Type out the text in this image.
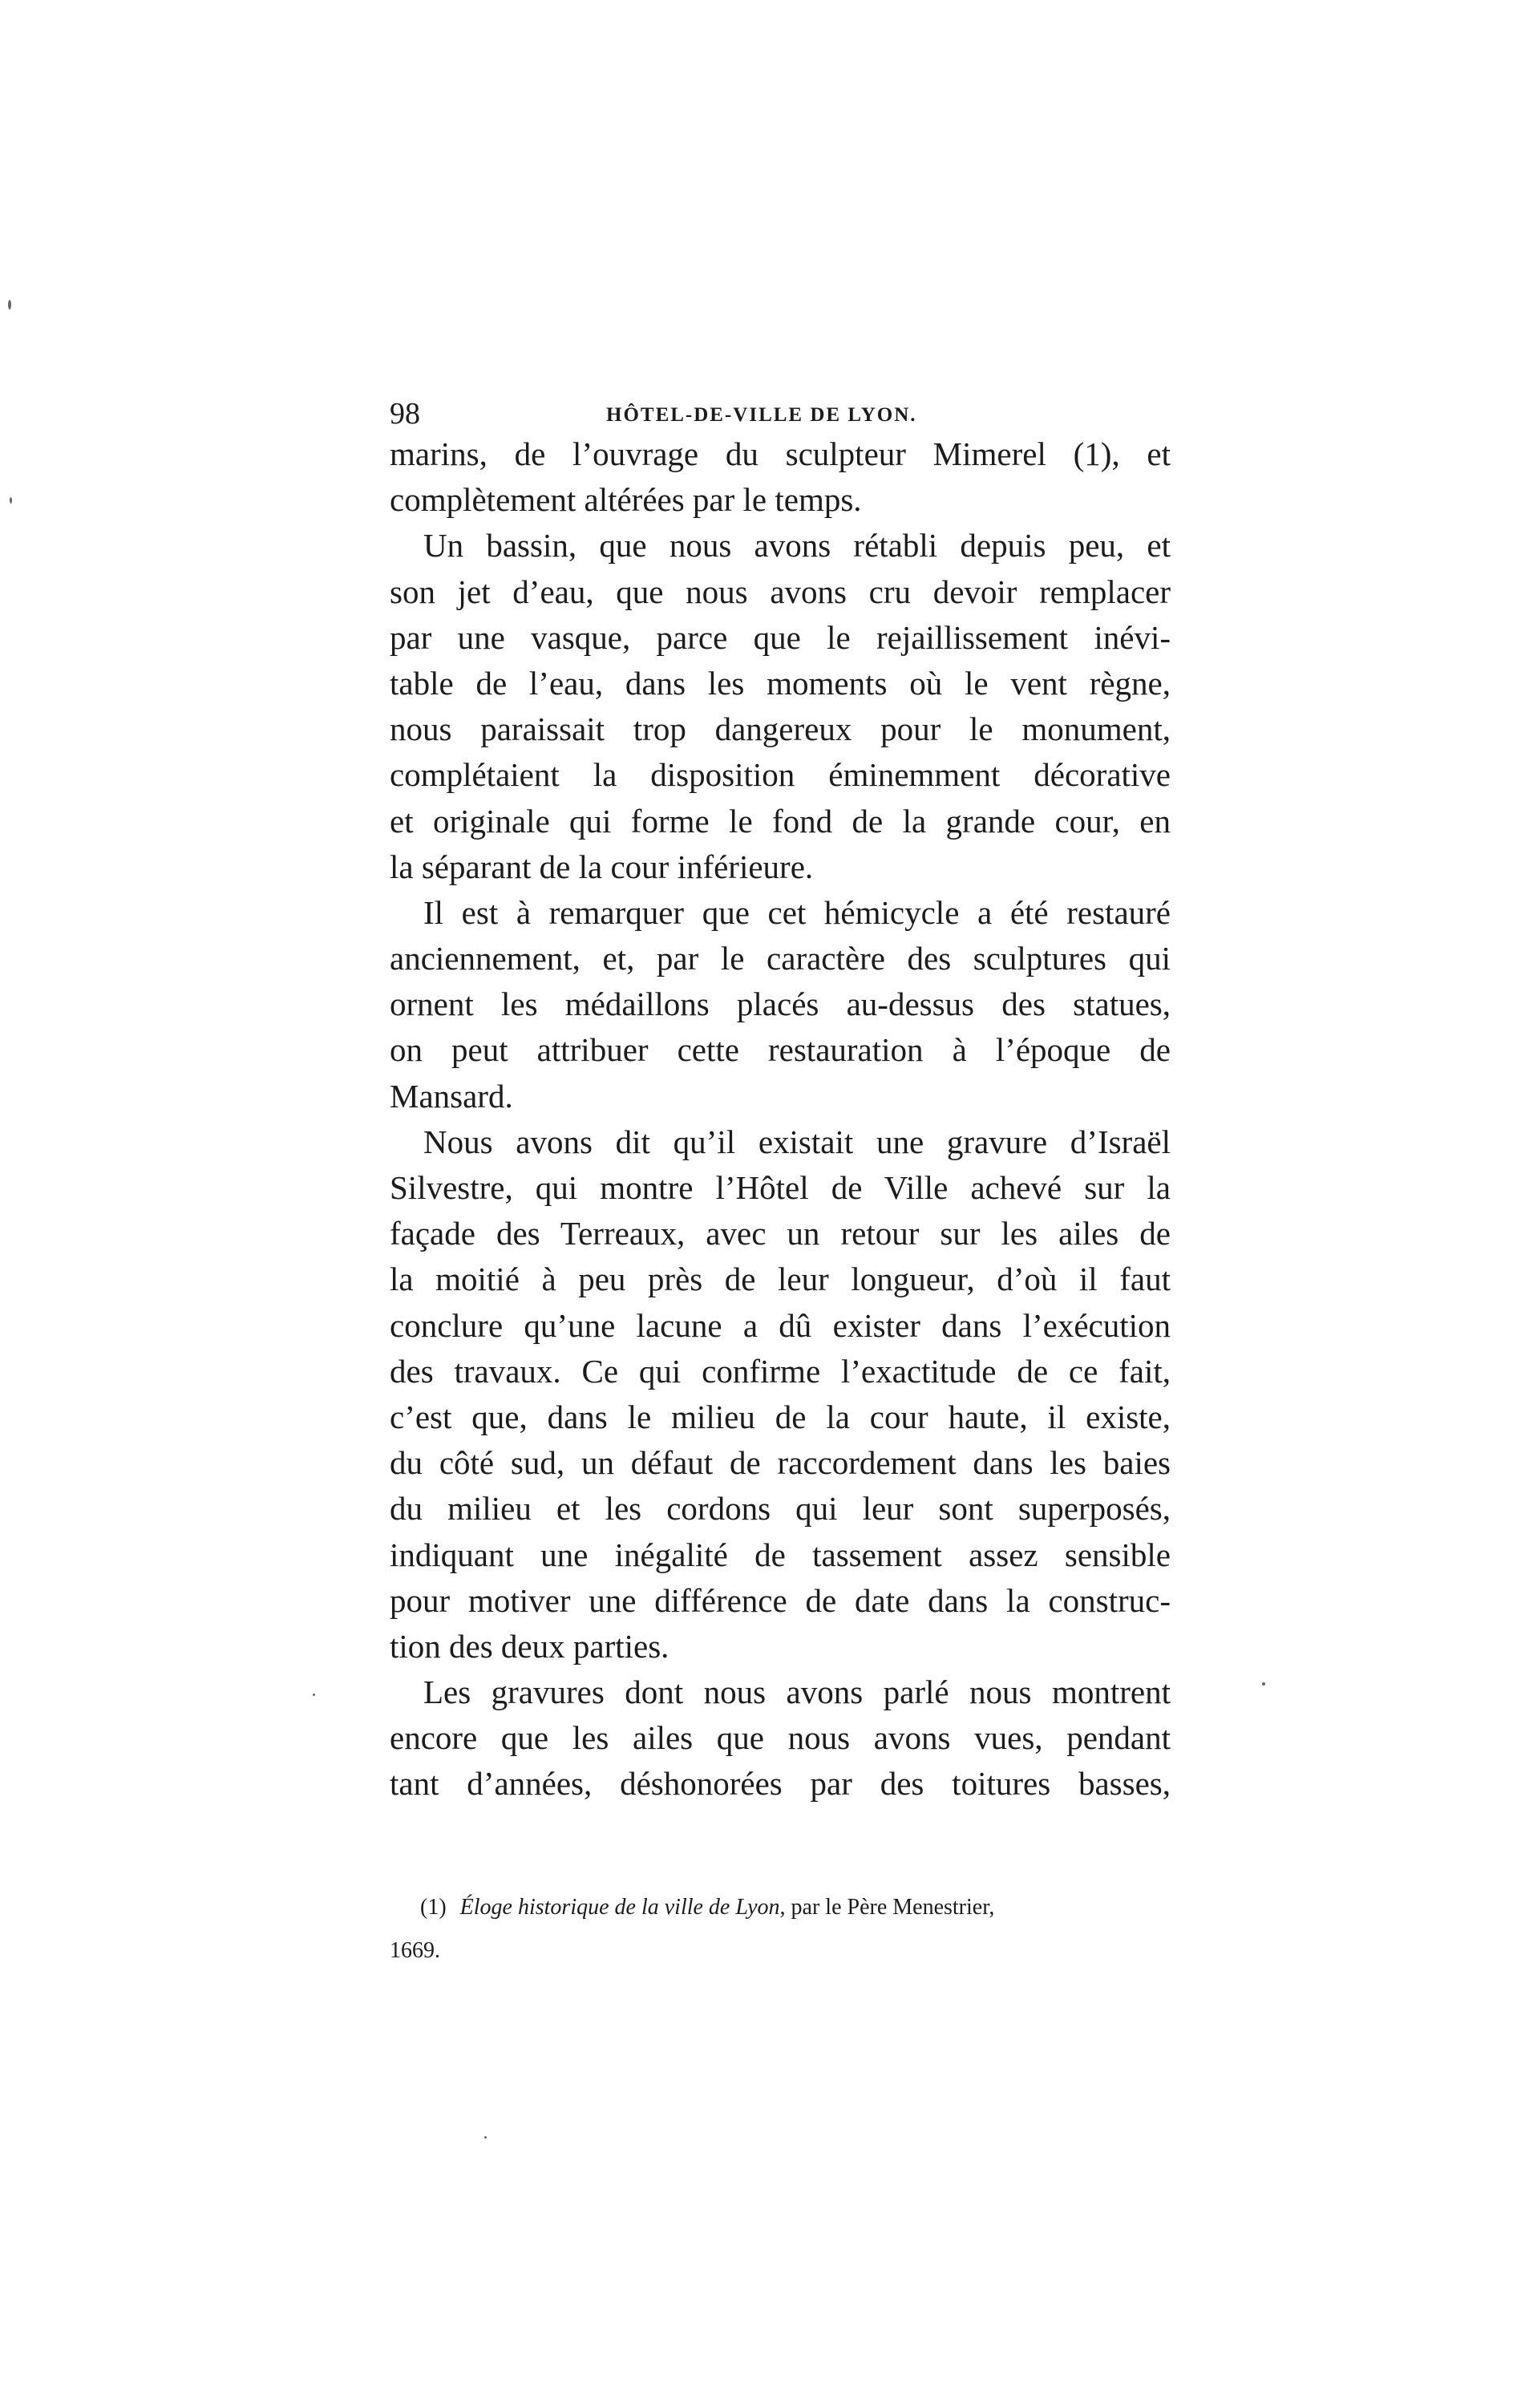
98	HÔTEL-DE-VILLE DE LYON.
marins, de l’ouvrage du sculpteur Mimerel (1), et
complètement altérées par le temps.
Un bassin, que nous avons rétabli depuis peu, et
son jet d’eau, que nous avons cru devoir remplacer
par une vasque, parce que le rejaillissement inévi-
table de l’eau, dans les moments où le vent règne,
nous paraissait trop dangereux pour le monument,
complétaient la disposition éminemment décorative
et originale qui forme le fond de la grande cour, en
la séparant de la cour inférieure.
Il est à remarquer que cet hémicycle a été restauré
anciennement, et, par le caractère des sculptures qui
ornent les médaillons placés au-dessus des statues,
on peut attribuer cette restauration à l’époque de
Mansard.
Nous avons dit qu’il existait une gravure d’Israël
Silvestre, qui montre l’Hôtel de Ville achevé sur la
façade des Terreaux, avec un retour sur les ailes de
la moitié à peu près de leur longueur, d’où il faut
conclure qu’une lacune a dû exister dans l’exécution
des travaux. Ce qui confirme l’exactitude de ce fait,
c’est que, dans le milieu de la cour haute, il existe,
du côté sud, un défaut de raccordement dans les baies
du milieu et les cordons qui leur sont superposés,
indiquant une inégalité de tassement assez sensible
pour motiver une différence de date dans la construc-
tion des deux parties.
Les gravures dont nous avons parlé nous montrent
encore que les ailes que nous avons vues, pendant
tant d’années, déshonorées par des toitures basses,
(1) Éloge historique de la ville de Lyon, par le Père Menestrier,
1669.
